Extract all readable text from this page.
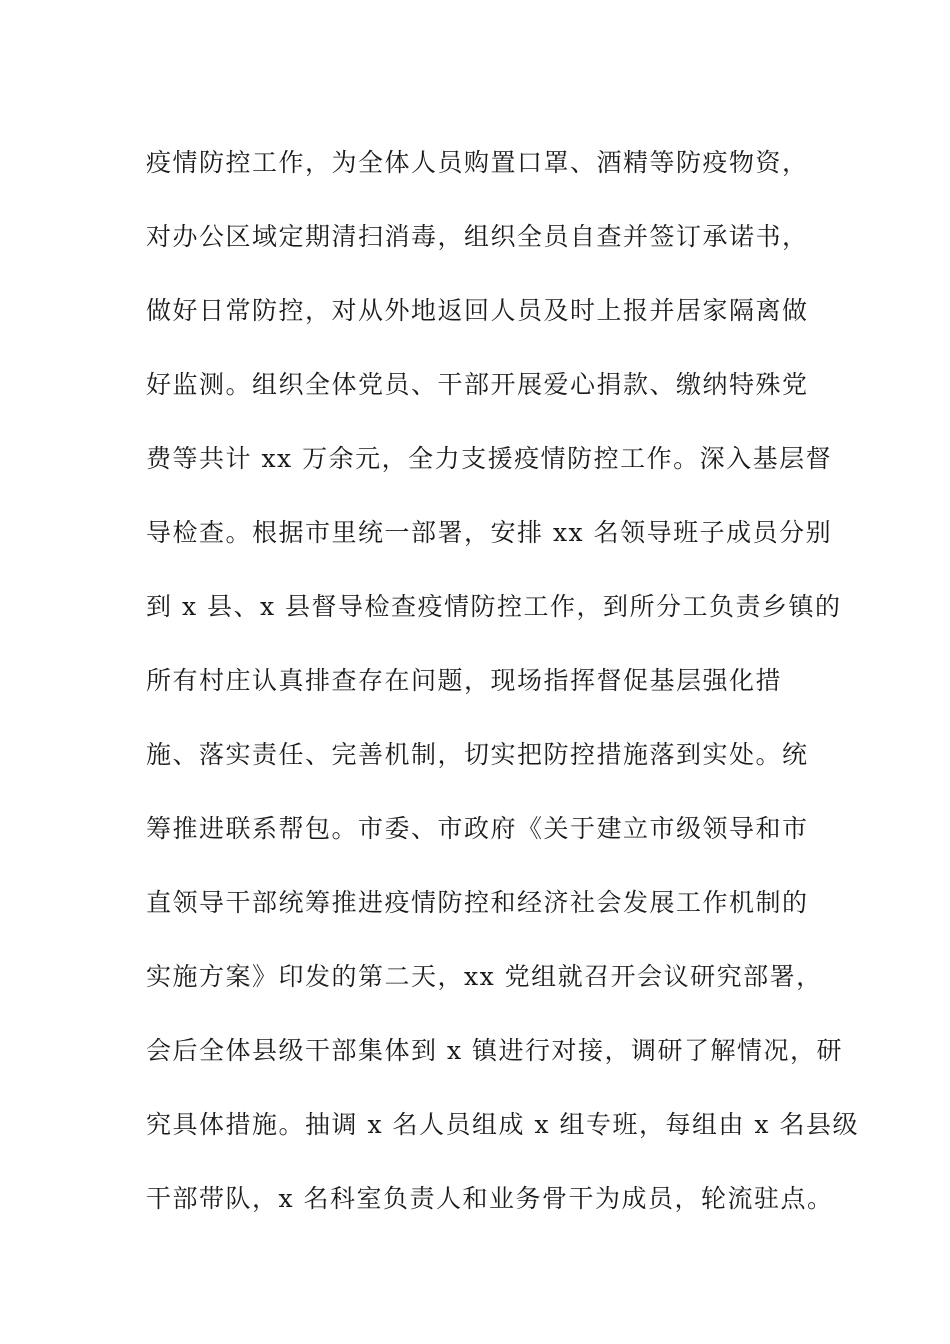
疫情防控工作，为全体人员购置口罩、酒精等防疫物资，
对办公区域定期清扫消毒，组织全员自查并签订承诺书，
做好日常防控，对从外地返回人员及时上报并居家隔离做
好监测。组织全体党员、干部开展爱心捐款、缴纳特殊党
费等共计 xx 万余元，全力支援疫情防控工作。深入基层督
导检查。根据市里统一部署，安排 xx 名领导班子成员分别
到 x 县、x 县督导检查疫情防控工作，到所分工负责乡镇的
所有村庄认真排查存在问题，现场指挥督促基层强化措
施、落实责任、完善机制，切实把防控措施落到实处。统
筹推进联系帮包。市委、市政府《关于建立市级领导和市
直领导干部统筹推进疫情防控和经济社会发展工作机制的
实施方案》印发的第二天，xx 党组就召开会议研究部署，
会后全体县级干部集体到 x 镇进行对接，调研了解情况，研
究具体措施。抽调 x 名人员组成 x 组专班，每组由 x 名县级
干部带队，x 名科室负责人和业务骨干为成员，轮流驻点。
